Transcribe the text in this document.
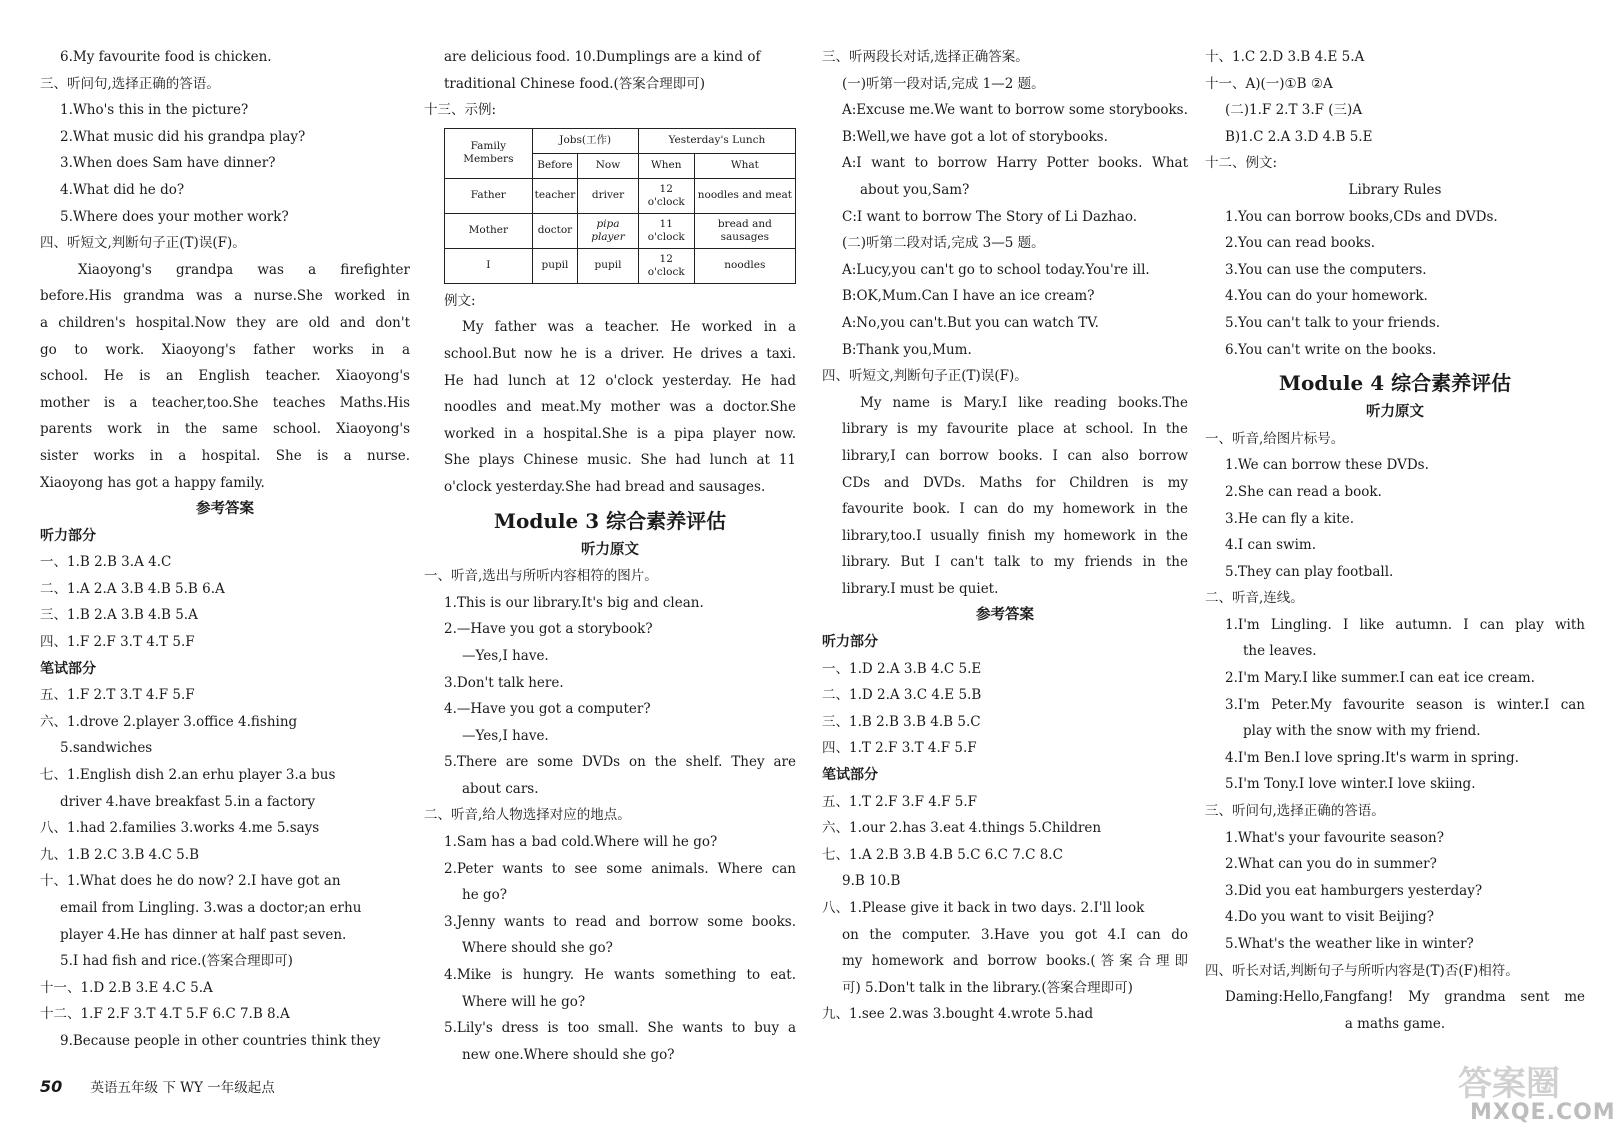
6.My favourite food is chicken.
三、听问句,选择正确的答语。
1.Who's this in the picture?
2.What music did his grandpa play?
3.When does Sam have dinner?
4.What did he do?
5.Where does your mother work?
四、听短文,判断句子正(T)误(F)。
Xiaoyong's grandpa was a firefighter
before.His grandma was a nurse.She worked in
a children's hospital.Now they are old and don't
go to work. Xiaoyong's father works in a
school. He is an English teacher. Xiaoyong's
mother is a teacher,too.She teaches Maths.His
parents work in the same school. Xiaoyong's
sister works in a hospital. She is a nurse.
Xiaoyong has got a happy family.
参考答案
听力部分
一、1.B 2.B 3.A 4.C
二、1.A 2.A 3.B 4.B 5.B 6.A
三、1.B 2.A 3.B 4.B 5.A
四、1.F 2.F 3.T 4.T 5.F
笔试部分
五、1.F 2.T 3.T 4.F 5.F
六、1.drove 2.player 3.office 4.fishing
5.sandwiches
七、1.English dish 2.an erhu player 3.a bus
driver 4.have breakfast 5.in a factory
八、1.had 2.families 3.works 4.me 5.says
九、1.B 2.C 3.B 4.C 5.B
十、1.What does he do now? 2.I have got an
email from Lingling. 3.was a doctor;an erhu
player 4.He has dinner at half past seven.
5.I had fish and rice.(答案合理即可)
十一、1.D 2.B 3.E 4.C 5.A
十二、1.F 2.F 3.T 4.T 5.F 6.C 7.B 8.A
9.Because people in other countries think they
are delicious food. 10.Dumplings are a kind of
traditional Chinese food.(答案合理即可)
十三、示例:
Family Members	Jobs(工作)		Yesterday's Lunch	
	Before	Now	When	What
Father	teacher	driver	12 o'clock	noodles and meat
Mother	doctor	pipa player	11 o'clock	bread and sausages
I	pupil	pupil	12 o'clock	noodles
例文:
My father was a teacher. He worked in a
school.But now he is a driver. He drives a taxi.
He had lunch at 12 o'clock yesterday. He had
noodles and meat.My mother was a doctor.She
worked in a hospital.She is a pipa player now.
She plays Chinese music. She had lunch at 11
o'clock yesterday.She had bread and sausages.
Module 3 综合素养评估
听力原文
一、听音,选出与所听内容相符的图片。
1.This is our library.It's big and clean.
2.—Have you got a storybook?
—Yes,I have.
3.Don't talk here.
4.—Have you got a computer?
—Yes,I have.
5.There are some DVDs on the shelf. They are
about cars.
二、听音,给人物选择对应的地点。
1.Sam has a bad cold.Where will he go?
2.Peter wants to see some animals. Where can
he go?
3.Jenny wants to read and borrow some books.
Where should she go?
4.Mike is hungry. He wants something to eat.
Where will he go?
5.Lily's dress is too small. She wants to buy a
new one.Where should she go?
三、听两段长对话,选择正确答案。
(一)听第一段对话,完成 1—2 题。
A:Excuse me.We want to borrow some storybooks.
B:Well,we have got a lot of storybooks.
A:I want to borrow Harry Potter books. What
about you,Sam?
C:I want to borrow The Story of Li Dazhao.
(二)听第二段对话,完成 3—5 题。
A:Lucy,you can't go to school today.You're ill.
B:OK,Mum.Can I have an ice cream?
A:No,you can't.But you can watch TV.
B:Thank you,Mum.
四、听短文,判断句子正(T)误(F)。
My name is Mary.I like reading books.The
library is my favourite place at school. In the
library,I can borrow books. I can also borrow
CDs and DVDs. Maths for Children is my
favourite book. I can do my homework in the
library,too.I usually finish my homework in the
library. But I can't talk to my friends in the
library.I must be quiet.
参考答案
听力部分
一、1.D 2.A 3.B 4.C 5.E
二、1.D 2.A 3.C 4.E 5.B
三、1.B 2.B 3.B 4.B 5.C
四、1.T 2.F 3.T 4.F 5.F
笔试部分
五、1.T 2.F 3.F 4.F 5.F
六、1.our 2.has 3.eat 4.things 5.Children
七、1.A 2.B 3.B 4.B 5.C 6.C 7.C 8.C
9.B 10.B
八、1.Please give it back in two days. 2.I'll look
on the computer. 3.Have you got 4.I can do
my homework and borrow books.(答案合理即
可) 5.Don't talk in the library.(答案合理即可)
九、1.see 2.was 3.bought 4.wrote 5.had
十、1.C 2.D 3.B 4.E 5.A
十一、A)(一)①B ②A
(二)1.F 2.T 3.F (三)A
B)1.C 2.A 3.D 4.B 5.E
十二、例文:
Library Rules
1.You can borrow books,CDs and DVDs.
2.You can read books.
3.You can use the computers.
4.You can do your homework.
5.You can't talk to your friends.
6.You can't write on the books.
Module 4 综合素养评估
听力原文
一、听音,给图片标号。
1.We can borrow these DVDs.
2.She can read a book.
3.He can fly a kite.
4.I can swim.
5.They can play football.
二、听音,连线。
1.I'm Lingling. I like autumn. I can play with
the leaves.
2.I'm Mary.I like summer.I can eat ice cream.
3.I'm Peter.My favourite season is winter.I can
play with the snow with my friend.
4.I'm Ben.I love spring.It's warm in spring.
5.I'm Tony.I love winter.I love skiing.
三、听问句,选择正确的答语。
1.What's your favourite season?
2.What can you do in summer?
3.Did you eat hamburgers yesterday?
4.Do you want to visit Beijing?
5.What's the weather like in winter?
四、听长对话,判断句子与所听内容是(T)否(F)相符。
Daming:Hello,Fangfang! My grandma sent me
a maths game.
50 英语五年级 下 WY 一年级起点	答案圈
MXQE.COM
